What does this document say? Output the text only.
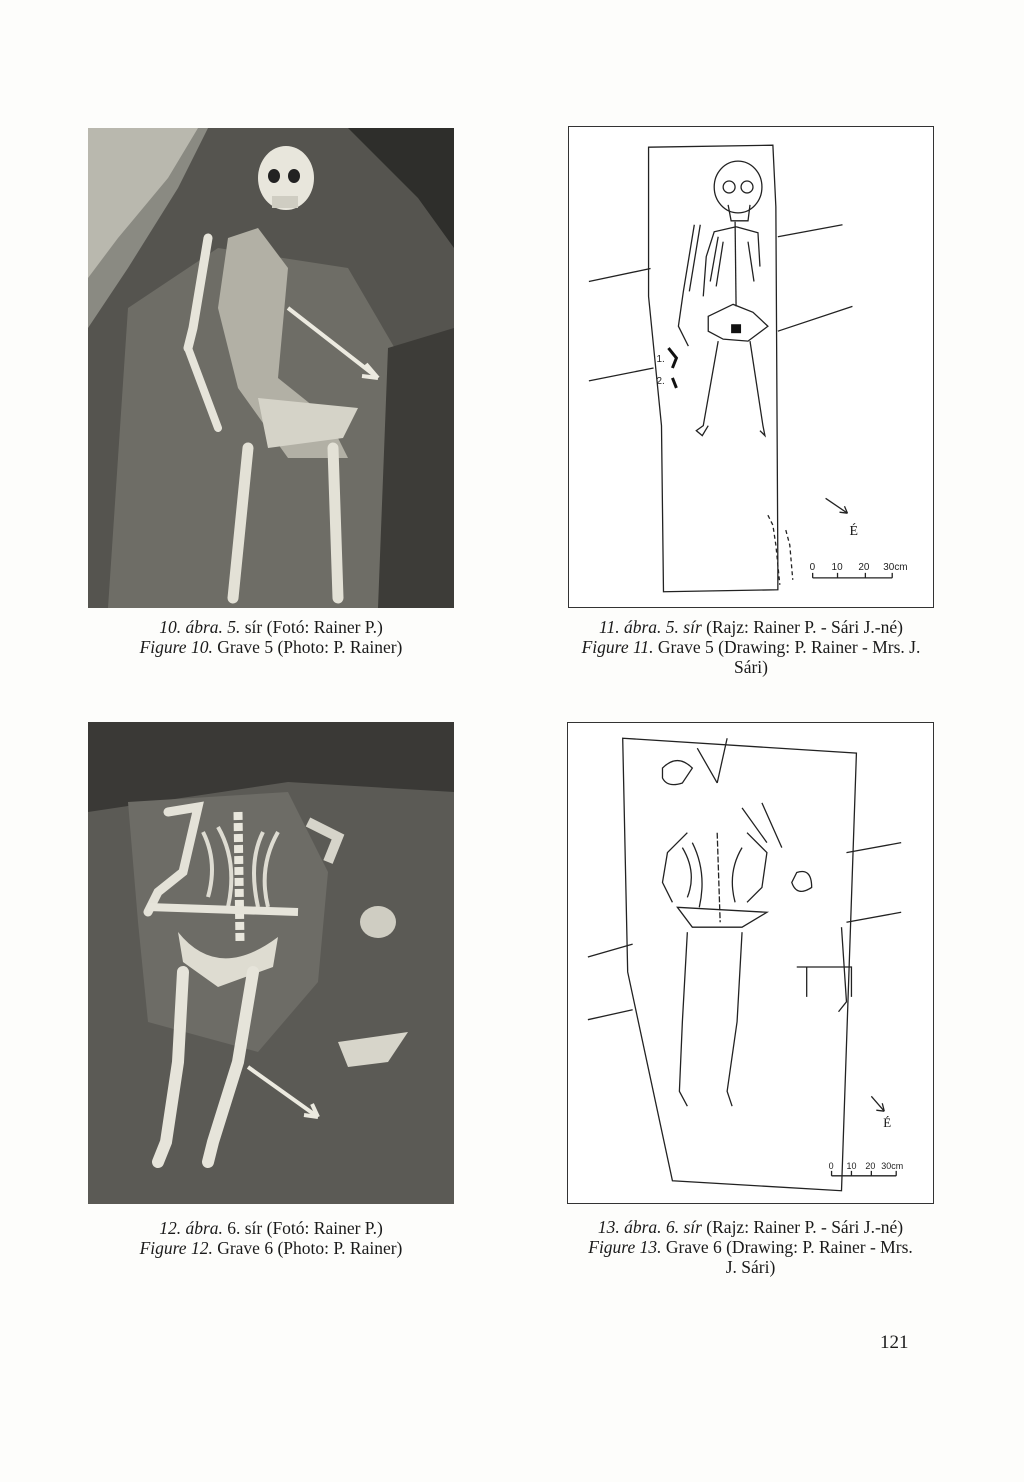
1.
2.
0 10 20 30cm
É
10. ábra. 5. sír (Fotó: Rainer P.)
Figure 10. Grave 5 (Photo: P. Rainer)
11. ábra. 5. sír (Rajz: Rainer P. - Sári J.-né)
Figure 11. Grave 5 (Drawing: P. Rainer - Mrs. J.
Sári)
0 10 20 30cm
É
12. ábra. 6. sír (Fotó: Rainer P.)
Figure 12. Grave 6 (Photo: P. Rainer)
13. ábra. 6. sír (Rajz: Rainer P. - Sári J.-né)
Figure 13. Grave 6 (Drawing: P. Rainer - Mrs.
J. Sári)
121
